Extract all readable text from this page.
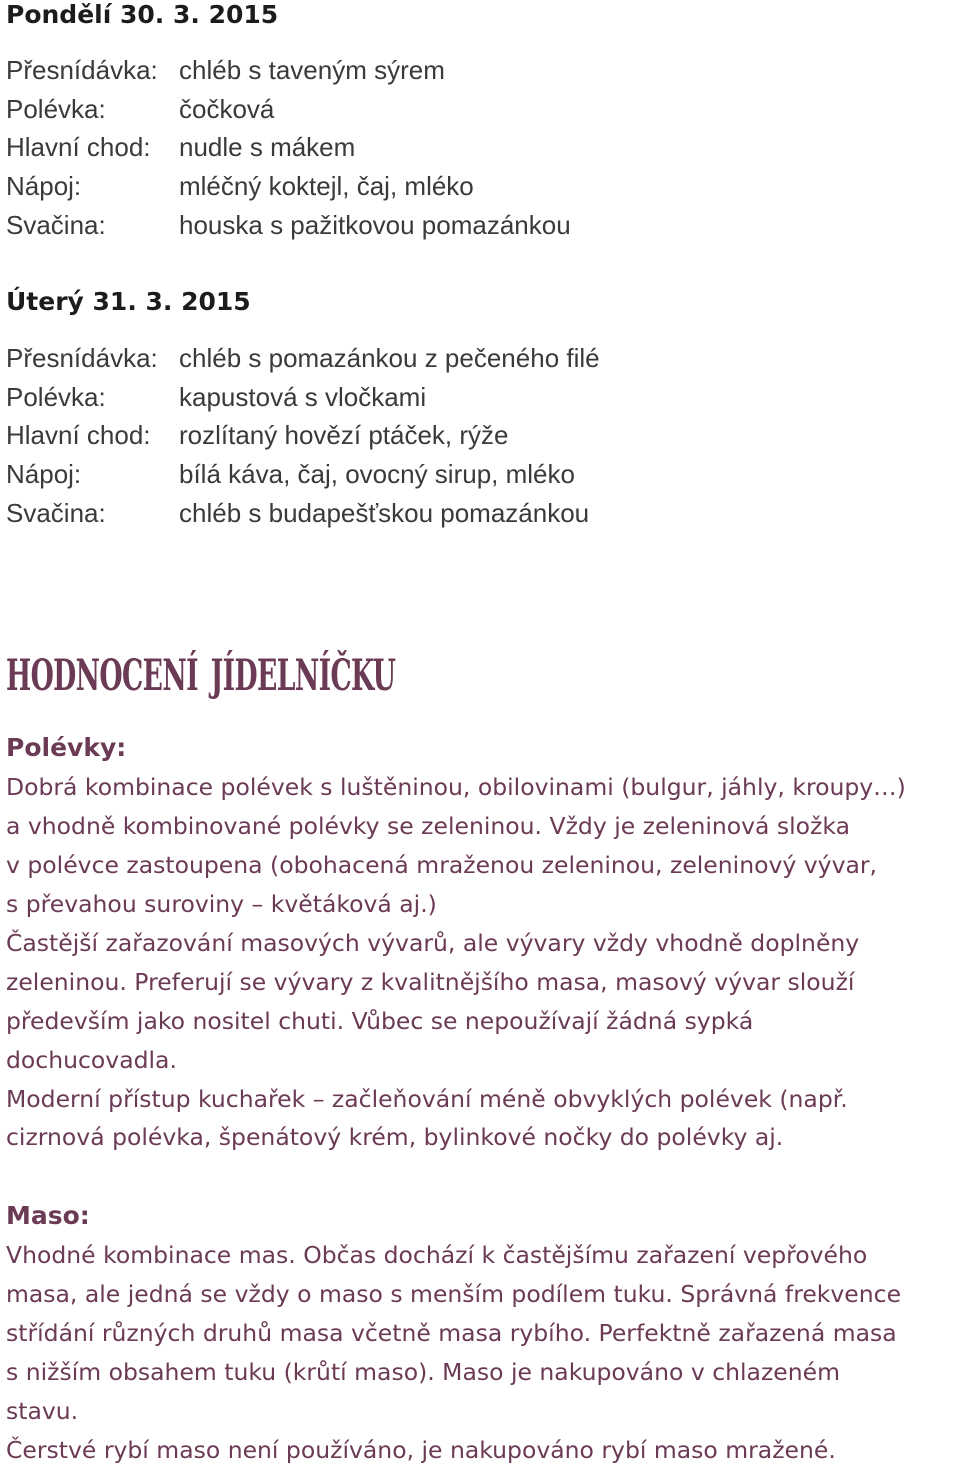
Pondělí 30. 3. 2015
Přesnídávka: chléb s taveným sýrem
Polévka:	čočková
Hlavní chod:	nudle s mákem
Nápoj:	mléčný koktejl, čaj, mléko
Svačina:	houska s pažitkovou pomazánkou
Úterý 31. 3. 2015
Přesnídávka: chléb s pomazánkou z pečeného filé
Polévka:	kapustová s vločkami
Hlavní chod:	rozlítaný hovězí ptáček, rýže
Nápoj:	bílá káva, čaj, ovocný sirup, mléko
Svačina:	chléb s budapešťskou pomazánkou
hodnocení jídelníčku
Polévky:
Dobrá kombinace polévek s luštěninou, obilovinami (bulgur, jáhly, kroupy…)
a vhodně kombinované polévky se zeleninou. Vždy je zeleninová složka
v polévce zastoupena (obohacená mraženou zeleninou, zeleninový vývar,
s převahou suroviny – květáková aj.)
Častější zařazování masových vývarů, ale vývary vždy vhodně doplněny
zeleninou. Preferují se vývary z kvalitnějšího masa, masový vývar slouží
především jako nositel chuti. Vůbec se nepoužívají žádná sypká
dochucovadla.
Moderní přístup kuchařek – začleňování méně obvyklých polévek (např.
cizrnová polévka, špenátový krém, bylinkové nočky do polévky aj.
Maso:
Vhodné kombinace mas. Občas dochází k častějšímu zařazení vepřového
masa, ale jedná se vždy o maso s menším podílem tuku. Správná frekvence
střídání různých druhů masa včetně masa rybího. Perfektně zařazená masa
s nižším obsahem tuku (krůtí maso). Maso je nakupováno v chlazeném
stavu.
Čerstvé rybí maso není používáno, je nakupováno rybí maso mražené.
